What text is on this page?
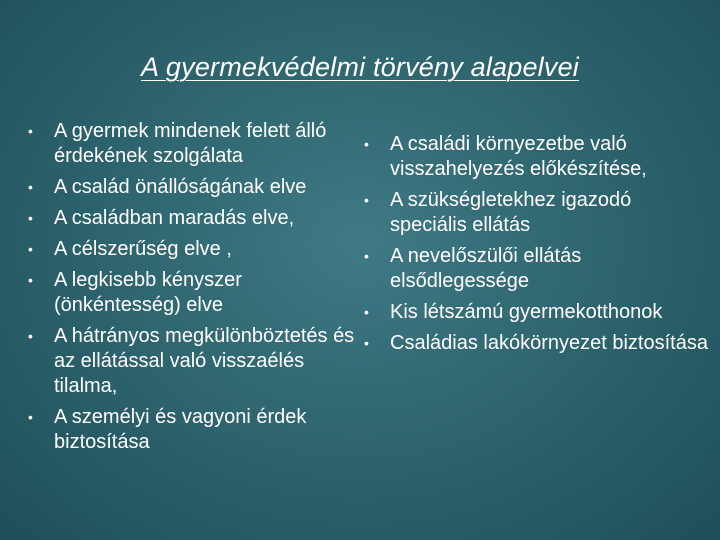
A gyermekvédelmi törvény alapelvei
•	A gyermek mindenek felett álló érdekének szolgálata
•	A család önállóságának elve
•	A családban maradás elve,
•	A célszerűség elve ,
•	A legkisebb kényszer (önkéntesség) elve
•	A hátrányos megkülönböztetés és az ellátással való visszaélés tilalma,
•	A személyi és vagyoni érdek biztosítása
•	A családi környezetbe való visszahelyezés előkészítése,
•	A szükségletekhez igazodó speciális ellátás
•	A nevelőszülői ellátás elsődlegessége
•	Kis létszámú gyermekotthonok
•	Családias lakókörnyezet biztosítása
